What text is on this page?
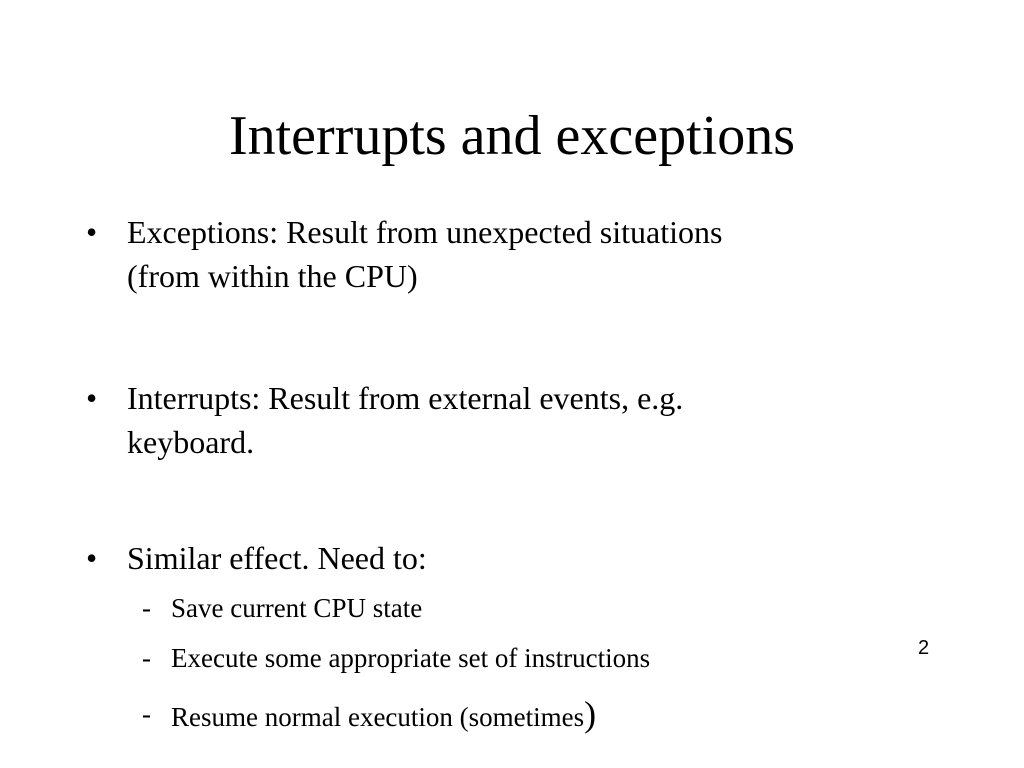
Interrupts and exceptions
• Exceptions: Result from unexpected situations
(from within the CPU)
• Interrupts: Result from external events, e.g.
keyboard.
• Similar effect. Need to:
- Save current CPU state
- Execute some appropriate set of instructions
- Resume normal execution (sometimes)
2
